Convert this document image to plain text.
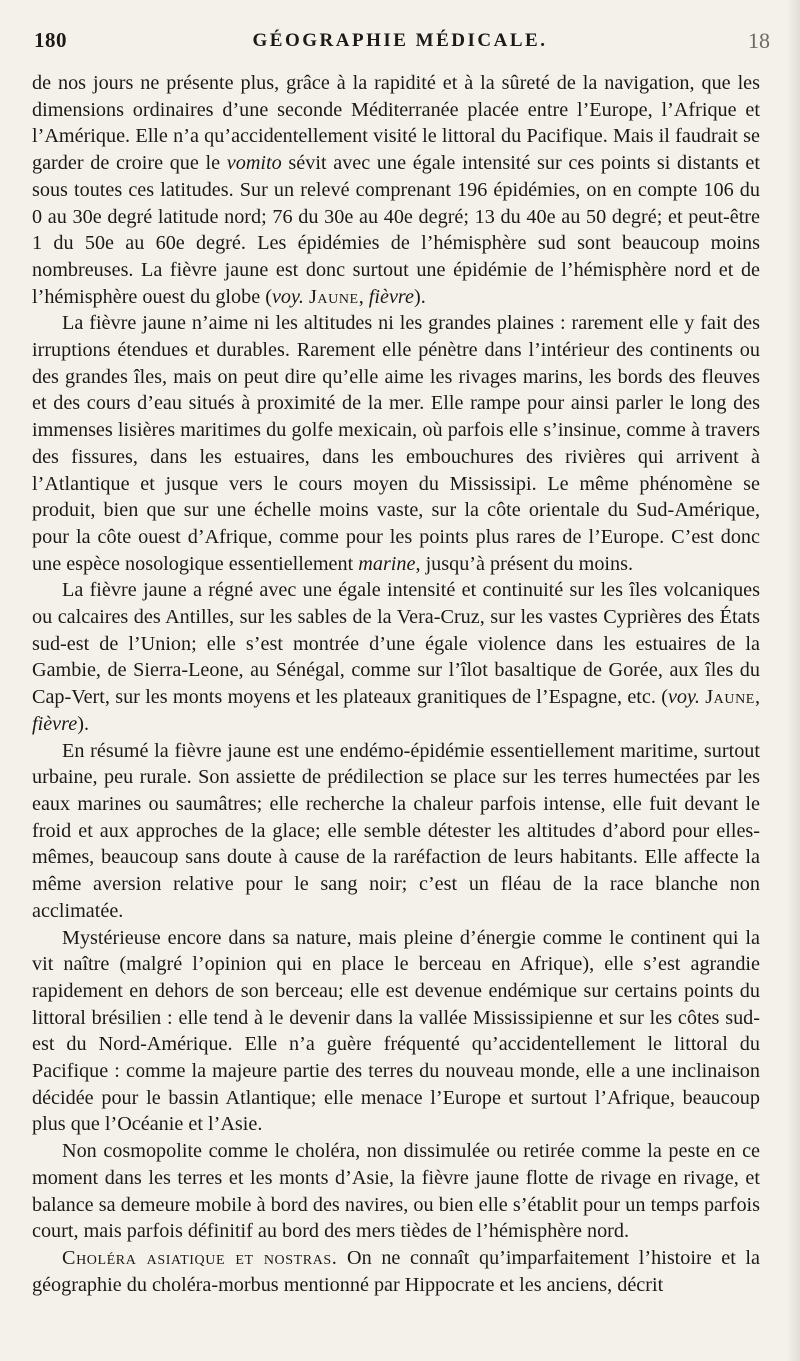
180	GÉOGRAPHIE MÉDICALE.	18

de nos jours ne présente plus, grâce à la rapidité et à la sûreté de la navigation, que les dimensions ordinaires d’une seconde Méditerranée placée entre l’Europe, l’Afrique et l’Amérique. Elle n’a qu’accidentellement visité le littoral du Pacifique. Mais il faudrait se garder de croire que le vomito sévit avec une égale intensité sur ces points si distants et sous toutes ces latitudes. Sur un relevé comprenant 196 épidémies, on en compte 106 du 0 au 30e degré latitude nord; 76 du 30e au 40e degré; 13 du 40e au 50 degré; et peut-être 1 du 50e au 60e degré. Les épidémies de l’hémisphère sud sont beaucoup moins nombreuses. La fièvre jaune est donc surtout une épidémie de l’hémisphère nord et de l’hémisphère ouest du globe (voy. Jaune, fièvre).

La fièvre jaune n’aime ni les altitudes ni les grandes plaines : rarement elle y fait des irruptions étendues et durables. Rarement elle pénètre dans l’intérieur des continents ou des grandes îles, mais on peut dire qu’elle aime les rivages marins, les bords des fleuves et des cours d’eau situés à proximité de la mer. Elle rampe pour ainsi parler le long des immenses lisières maritimes du golfe mexicain, où parfois elle s’insinue, comme à travers des fissures, dans les estuaires, dans les embouchures des rivières qui arrivent à l’Atlantique et jusque vers le cours moyen du Mississipi. Le même phénomène se produit, bien que sur une échelle moins vaste, sur la côte orientale du Sud-Amérique, pour la côte ouest d’Afrique, comme pour les points plus rares de l’Europe. C’est donc une espèce nosologique essentiellement marine, jusqu’à présent du moins.

La fièvre jaune a régné avec une égale intensité et continuité sur les îles volcaniques ou calcaires des Antilles, sur les sables de la Vera-Cruz, sur les vastes Cyprières des États sud-est de l’Union; elle s’est montrée d’une égale violence dans les estuaires de la Gambie, de Sierra-Leone, au Sénégal, comme sur l’îlot basaltique de Gorée, aux îles du Cap-Vert, sur les monts moyens et les plateaux granitiques de l’Espagne, etc. (voy. Jaune, fièvre).

En résumé la fièvre jaune est une endémo-épidémie essentiellement maritime, surtout urbaine, peu rurale. Son assiette de prédilection se place sur les terres humectées par les eaux marines ou saumâtres; elle recherche la chaleur parfois intense, elle fuit devant le froid et aux approches de la glace; elle semble détester les altitudes d’abord pour elles-mêmes, beaucoup sans doute à cause de la raréfaction de leurs habitants. Elle affecte la même aversion relative pour le sang noir; c’est un fléau de la race blanche non acclimatée.

Mystérieuse encore dans sa nature, mais pleine d’énergie comme le continent qui la vit naître (malgré l’opinion qui en place le berceau en Afrique), elle s’est agrandie rapidement en dehors de son berceau; elle est devenue endémique sur certains points du littoral brésilien : elle tend à le devenir dans la vallée Mississipienne et sur les côtes sud-est du Nord-Amérique. Elle n’a guère fréquenté qu’accidentellement le littoral du Pacifique : comme la majeure partie des terres du nouveau monde, elle a une inclinaison décidée pour le bassin Atlantique; elle menace l’Europe et surtout l’Afrique, beaucoup plus que l’Océanie et l’Asie.

Non cosmopolite comme le choléra, non dissimulée ou retirée comme la peste en ce moment dans les terres et les monts d’Asie, la fièvre jaune flotte de rivage en rivage, et balance sa demeure mobile à bord des navires, ou bien elle s’établit pour un temps parfois court, mais parfois définitif au bord des mers tièdes de l’hémisphère nord.

Choléra asiatique et nostras. On ne connaît qu’imparfaitement l’histoire et la géographie du choléra-morbus mentionné par Hippocrate et les anciens, décrit
